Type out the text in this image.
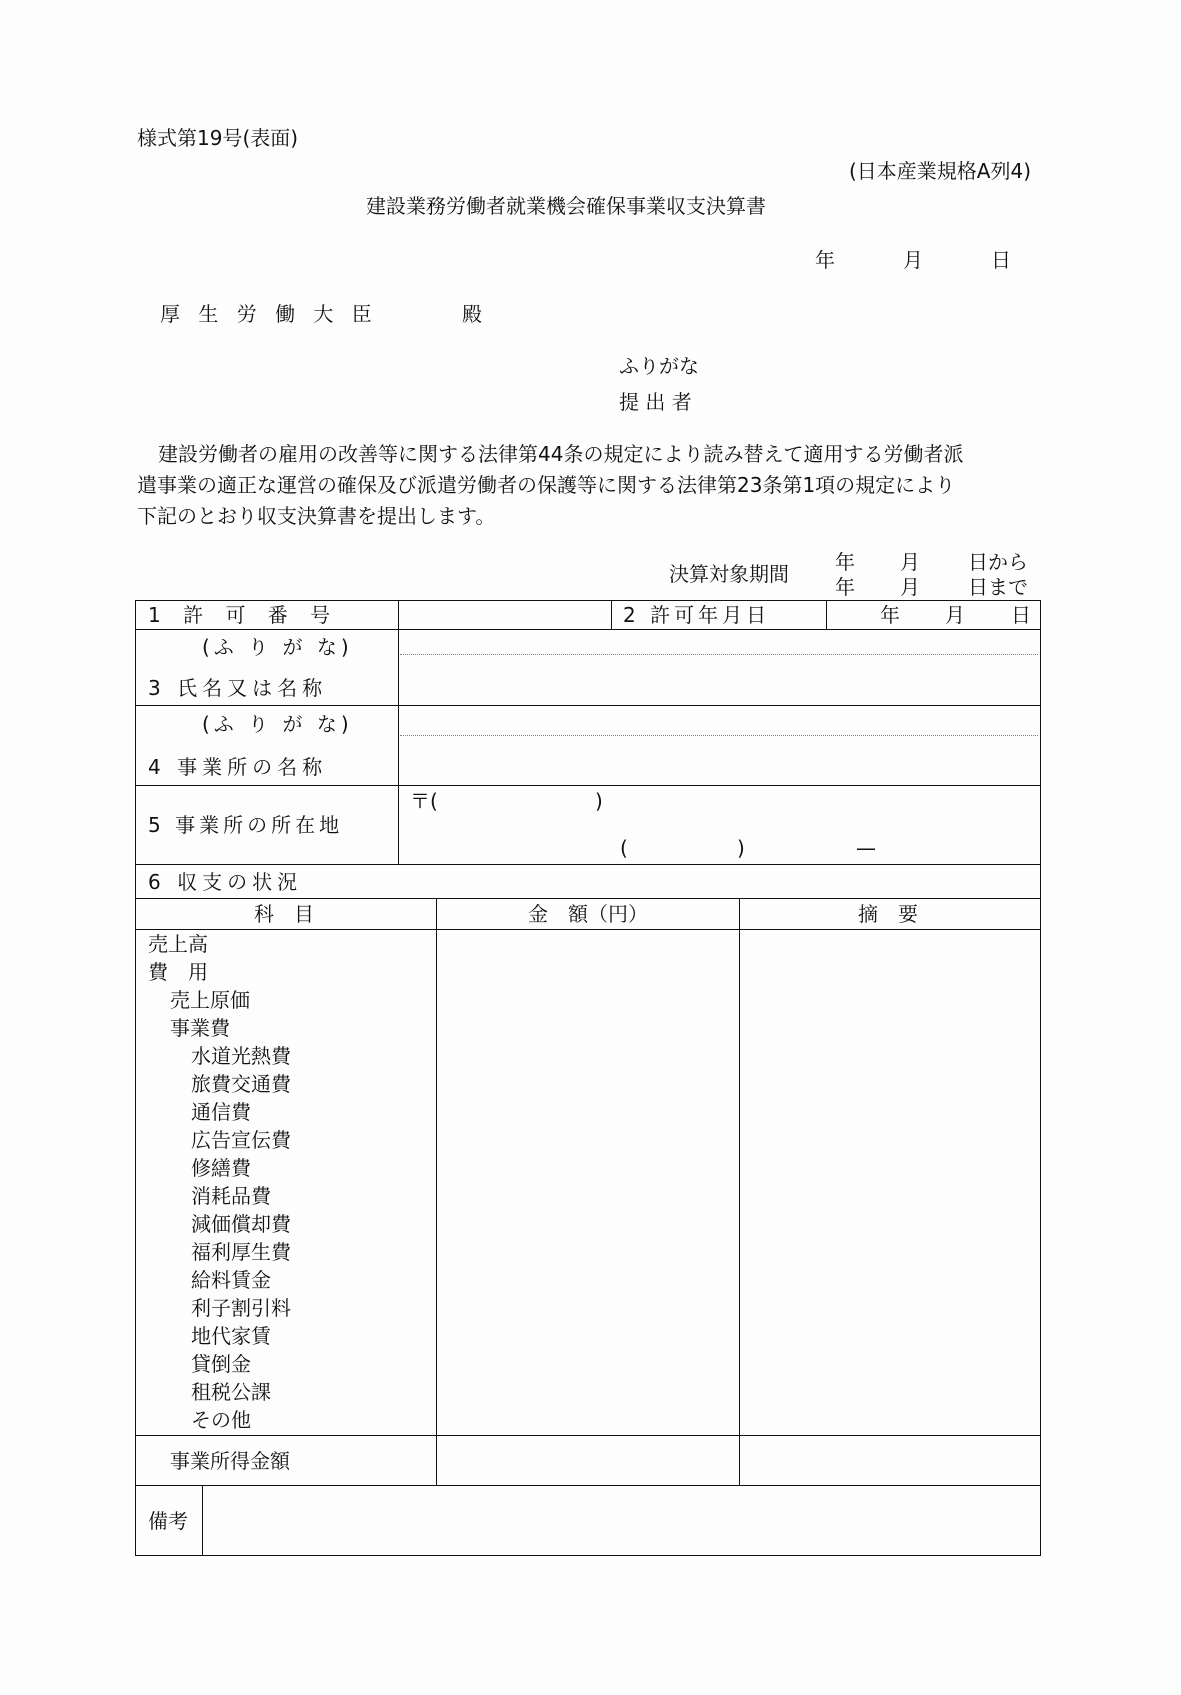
様式第19号(表面)
(日本産業規格A列4)
建設業務労働者就業機会確保事業収支決算書
年	月	日
厚 生 労 働 大 臣	殿
ふりがな
提 出 者
建設労働者の雇用の改善等に関する法律第44条の規定により読み替えて適用する労働者派
遣事業の適正な運営の確保及び派遣労働者の保護等に関する法律第23条第1項の規定により
下記のとおり収支決算書を提出します。
決算対象期間 年 月 日から
年 月 日まで
1 許 可 番 号	2 許可年月日	年 月 日
(ふ り が な)
3 氏名又は名称
(ふ り が な)
4 事業所の名称
5 事業所の所在地
〒(	)
(	)	—
6 収支の状況
科　目	金　額（円）	摘　要
売上高
費　用
売上原価
事業費
水道光熱費
旅費交通費
通信費
広告宣伝費
修繕費
消耗品費
減価償却費
福利厚生費
給料賃金
利子割引料
地代家賃
貸倒金
租税公課
その他
事業所得金額
備考
